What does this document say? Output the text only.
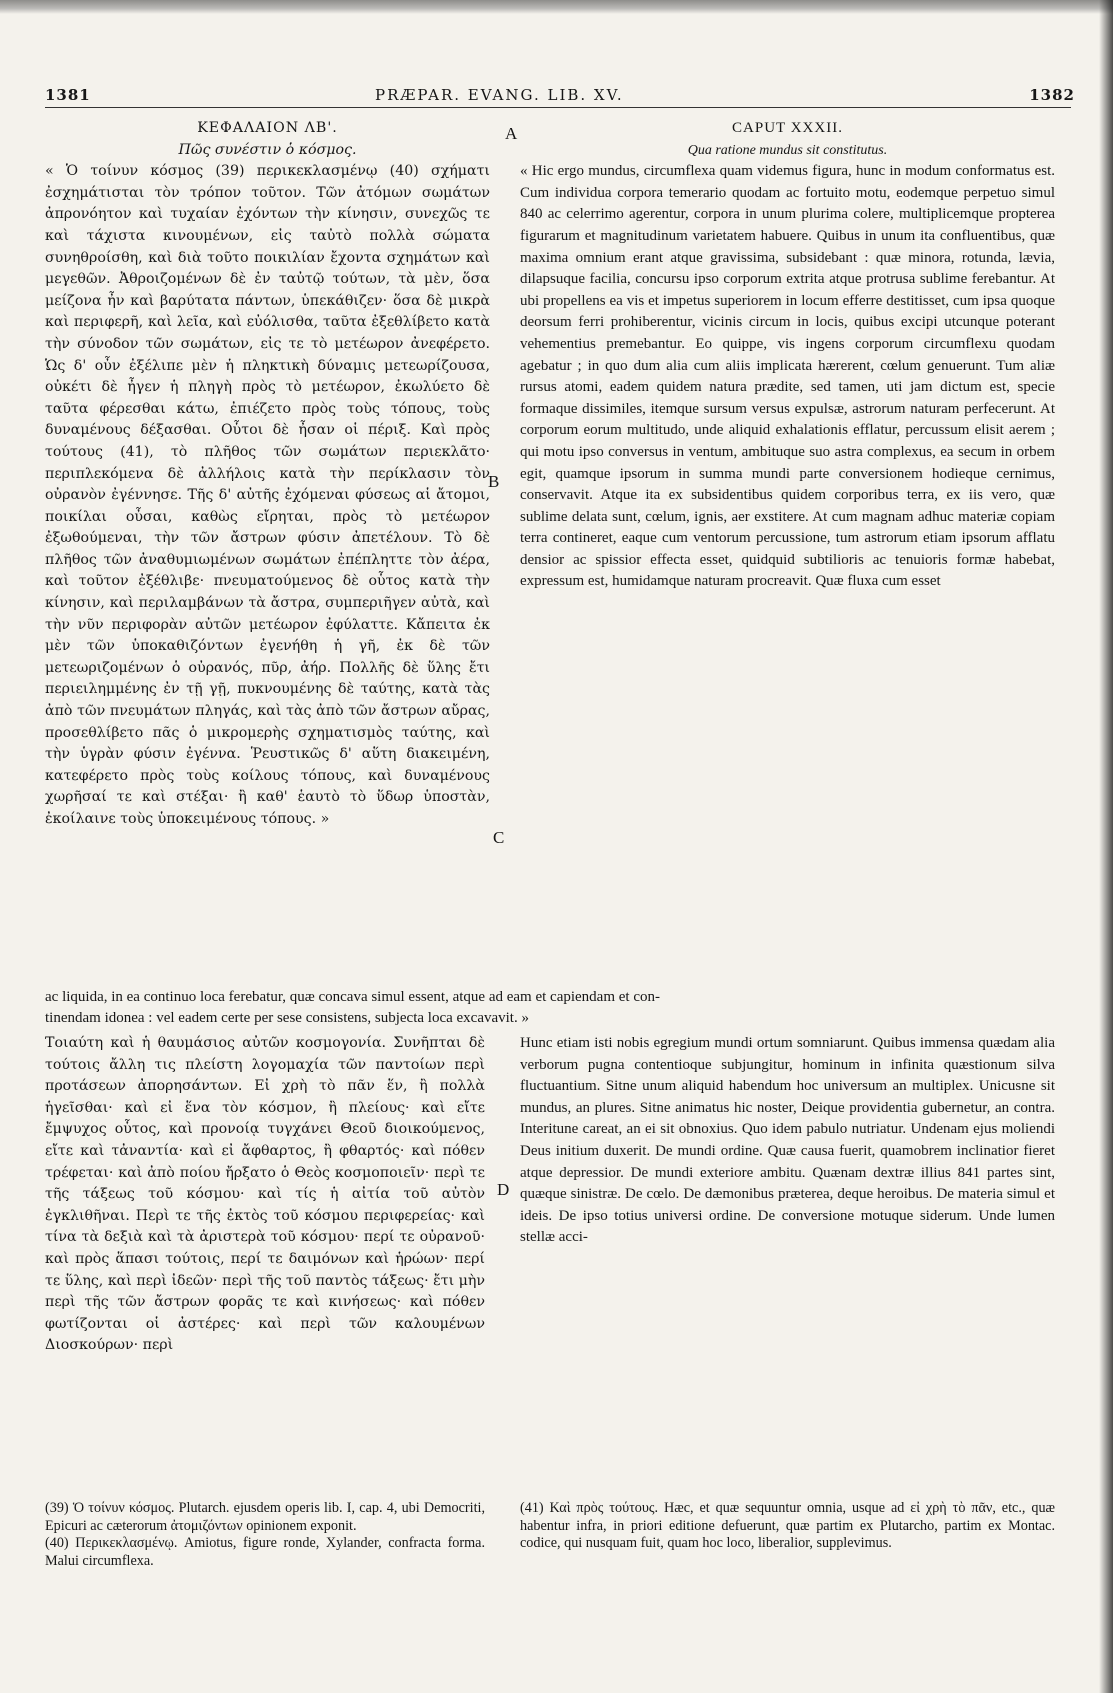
1381	PRÆPAR. EVANG. LIB. XV.	1382

ΚΕΦΑΛΑΙΟΝ ΛΒ'.

Πῶς συνέστιν ὁ κόσμος.

« Ὁ τοίνυν κόσμος (39) περικεκλασμένῳ (40) σχήματι ἐσχημάτισται τὸν τρόπον τοῦτον. Τῶν ἀτόμων σωμάτων ἀπρονόητον καὶ τυχαίαν ἐχόντων τὴν κίνησιν, συνεχῶς τε καὶ τάχιστα κινουμένων, εἰς ταὐτὸ πολλὰ σώματα συνηθροίσθη, καὶ διὰ τοῦτο ποικιλίαν ἔχοντα σχημάτων καὶ μεγεθῶν. Ἀθροιζομένων δὲ ἐν ταὐτῷ τούτων, τὰ μὲν, ὅσα μείζονα ἦν καὶ βαρύτατα πάντων, ὑπεκάθιζεν· ὅσα δὲ μικρὰ καὶ περιφερῆ, καὶ λεῖα, καὶ εὐόλισθα, ταῦτα ἐξεθλίβετο κατὰ τὴν σύνοδον τῶν σωμάτων, εἰς τε τὸ μετέωρον ἀνεφέρετο. Ὡς δ' οὖν ἐξέλιπε μὲν ἡ πληκτικὴ δύναμις μετεωρίζουσα, οὐκέτι δὲ ἦγεν ἡ πληγὴ πρὸς τὸ μετέωρον, ἐκωλύετο δὲ ταῦτα φέρεσθαι κάτω, ἐπιέζετο πρὸς τοὺς τόπους, τοὺς δυναμένους δέξασθαι. Οὗτοι δὲ ἦσαν οἱ πέριξ. Καὶ πρὸς τούτους (41), τὸ πλῆθος τῶν σωμάτων περιεκλᾶτο· περιπλεκόμενα δὲ ἀλλήλοις κατὰ τὴν περίκλασιν τὸν οὐρανὸν ἐγέννησε. Τῆς δ' αὐτῆς ἐχόμεναι φύσεως αἱ ἄτομοι, ποικίλαι οὖσαι, καθὼς εἴρηται, πρὸς τὸ μετέωρον ἐξωθούμεναι, τὴν τῶν ἄστρων φύσιν ἀπετέλουν. Τὸ δὲ πλῆθος τῶν ἀναθυμιωμένων σωμάτων ἐπέπληττε τὸν ἀέρα, καὶ τοῦτον ἐξέθλιβε· πνευματούμενος δὲ οὗτος κατὰ τὴν κίνησιν, καὶ περιλαμβάνων τὰ ἄστρα, συμπεριῆγεν αὐτὰ, καὶ τὴν νῦν περιφορὰν αὐτῶν μετέωρον ἐφύλαττε. Κἄπειτα ἐκ μὲν τῶν ὑποκαθιζόντων ἐγενήθη ἡ γῆ, ἐκ δὲ τῶν μετεωριζομένων ὁ οὐρανός, πῦρ, ἀήρ. Πολλῆς δὲ ὕλης ἔτι περιειλημμένης ἐν τῇ γῇ, πυκνουμένης δὲ ταύτης, κατὰ τὰς ἀπὸ τῶν πνευμάτων πληγάς, καὶ τὰς ἀπὸ τῶν ἄστρων αὔρας, προσεθλίβετο πᾶς ὁ μικρομερὴς σχηματισμὸς ταύτης, καὶ τὴν ὑγρὰν φύσιν ἐγέννα. Ῥευστικῶς δ' αὕτη διακειμένη, κατεφέρετο πρὸς τοὺς κοίλους τόπους, καὶ δυναμένους χωρῆσαί τε καὶ στέξαι· ἢ καθ' ἑαυτὸ τὸ ὕδωρ ὑποστὰν, ἐκοίλαινε τοὺς ὑποκειμένους τόπους. »

CAPUT XXXII.

Qua ratione mundus sit constitutus.

« Hic ergo mundus, circumflexa quam videmus figura, hunc in modum conformatus est. Cum individua corpora temerario quodam ac fortuito motu, eodemque perpetuo simul 840 ac celerrimo agerentur, corpora in unum plurima colere, multiplicemque propterea figurarum et magnitudinum varietatem habuere. Quibus in unum ita confluentibus, quæ maxima omnium erant atque gravissima, subsidebant : quæ minora, rotunda, lævia, dilapsuque facilia, concursu ipso corporum extrita atque protrusa sublime ferebantur. At ubi propellens ea vis et impetus superiorem in locum efferre destitisset, cum ipsa quoque deorsum ferri prohiberentur, vicinis circum in locis, quibus excipi utcunque poterant vehementius premebantur. Eo quippe, vis ingens corporum circumflexu quodam agebatur ; in quo dum alia cum aliis implicata hærerent, cœlum genuerunt. Tum aliæ rursus atomi, eadem quidem natura prædite, sed tamen, uti jam dictum est, specie formaque dissimiles, itemque sursum versus expulsæ, astrorum naturam perfecerunt. At corporum eorum multitudo, unde aliquid exhalationis efflatur, percussum elisit aerem ; qui motu ipso conversus in ventum, ambituque suo astra complexus, ea secum in orbem egit, quamque ipsorum in summa mundi parte conversionem hodieque cernimus, conservavit. Atque ita ex subsidentibus quidem corporibus terra, ex iis vero, quæ sublime delata sunt, cœlum, ignis, aer exstitere. At cum magnam adhuc materiæ copiam terra contineret, eaque cum ventorum percussione, tum astrorum etiam ipsorum afflatu densior ac spissior effecta esset, quidquid subtilioris ac tenuioris formæ habebat, expressum est, humidamque naturam procreavit. Quæ fluxa cum esset

ac liquida, in ea continuo loca ferebatur, quæ concava simul essent, atque ad eam et capiendam et con-
tinendam idonea : vel eadem certe per sese consistens, subjecta loca excavavit. »

Τοιαύτη καὶ ἡ θαυμάσιος αὐτῶν κοσμογονία. Συνῆπται δὲ τούτοις ἄλλη τις πλείστη λογομαχία τῶν παντοίων περὶ προτάσεων ἀπορησάντων. Εἰ χρὴ τὸ πᾶν ἕν, ἢ πολλὰ ἡγεῖσθαι· καὶ εἰ ἕνα τὸν κόσμον, ἢ πλείους· καὶ εἴτε ἔμψυχος οὗτος, καὶ προνοίᾳ τυγχάνει Θεοῦ διοικούμενος, εἴτε καὶ τἀναντία· καὶ εἰ ἄφθαρτος, ἢ φθαρτός· καὶ πόθεν τρέφεται· καὶ ἀπὸ ποίου ἤρξατο ὁ Θεὸς κοσμοποιεῖν· περὶ τε τῆς τάξεως τοῦ κόσμου· καὶ τίς ἡ αἰτία τοῦ αὐτὸν ἐγκλιθῆναι. Περὶ τε τῆς ἐκτὸς τοῦ κόσμου περιφερείας· καὶ τίνα τὰ δεξιὰ καὶ τὰ ἀριστερὰ τοῦ κόσμου· περί τε οὐρανοῦ· καὶ πρὸς ἅπασι τούτοις, περί τε δαιμόνων καὶ ἡρώων· περί τε ὕλης, καὶ περὶ ἰδεῶν· περὶ τῆς τοῦ παντὸς τάξεως· ἔτι μὴν περὶ τῆς τῶν ἄστρων φορᾶς τε καὶ κινήσεως· καὶ πόθεν φωτίζονται οἱ ἀστέρες· καὶ περὶ τῶν καλουμένων Διοσκούρων· περὶ

Hunc etiam isti nobis egregium mundi ortum somniarunt. Quibus immensa quædam alia verborum pugna contentioque subjungitur, hominum in infinita quæstionum silva fluctuantium. Sitne unum aliquid habendum hoc universum an multiplex. Unicusne sit mundus, an plures. Sitne animatus hic noster, Deique providentia gubernetur, an contra. Interitune careat, an ei sit obnoxius. Quo idem pabulo nutriatur. Undenam ejus moliendi Deus initium duxerit. De mundi ordine. Quæ causa fuerit, quamobrem inclinatior fieret atque depressior. De mundi exteriore ambitu. Quænam dextræ illius 841 partes sint, quæque sinistræ. De cœlo. De dæmonibus præterea, deque heroibus. De materia simul et ideis. De ipso totius universi ordine. De conversione motuque siderum. Unde lumen stellæ acci-

A
B
C
D

(39) Ὁ τοίνυν κόσμος. Plutarch. ejusdem operis lib. I, cap. 4, ubi Democriti, Epicuri ac cæterorum ἀτομιζόντων opinionem exponit.

(40) Περικεκλασμένῳ. Amiotus, figure ronde, Xylander, confracta forma. Malui circumflexa.

(41) Καὶ πρὸς τούτους. Hæc, et quæ sequuntur omnia, usque ad εἰ χρὴ τὸ πᾶν, etc., quæ habentur infra, in priori editione defuerunt, quæ partim ex Plutarcho, partim ex Montac. codice, qui nusquam fuit, quam hoc loco, liberalior, supplevimus.
